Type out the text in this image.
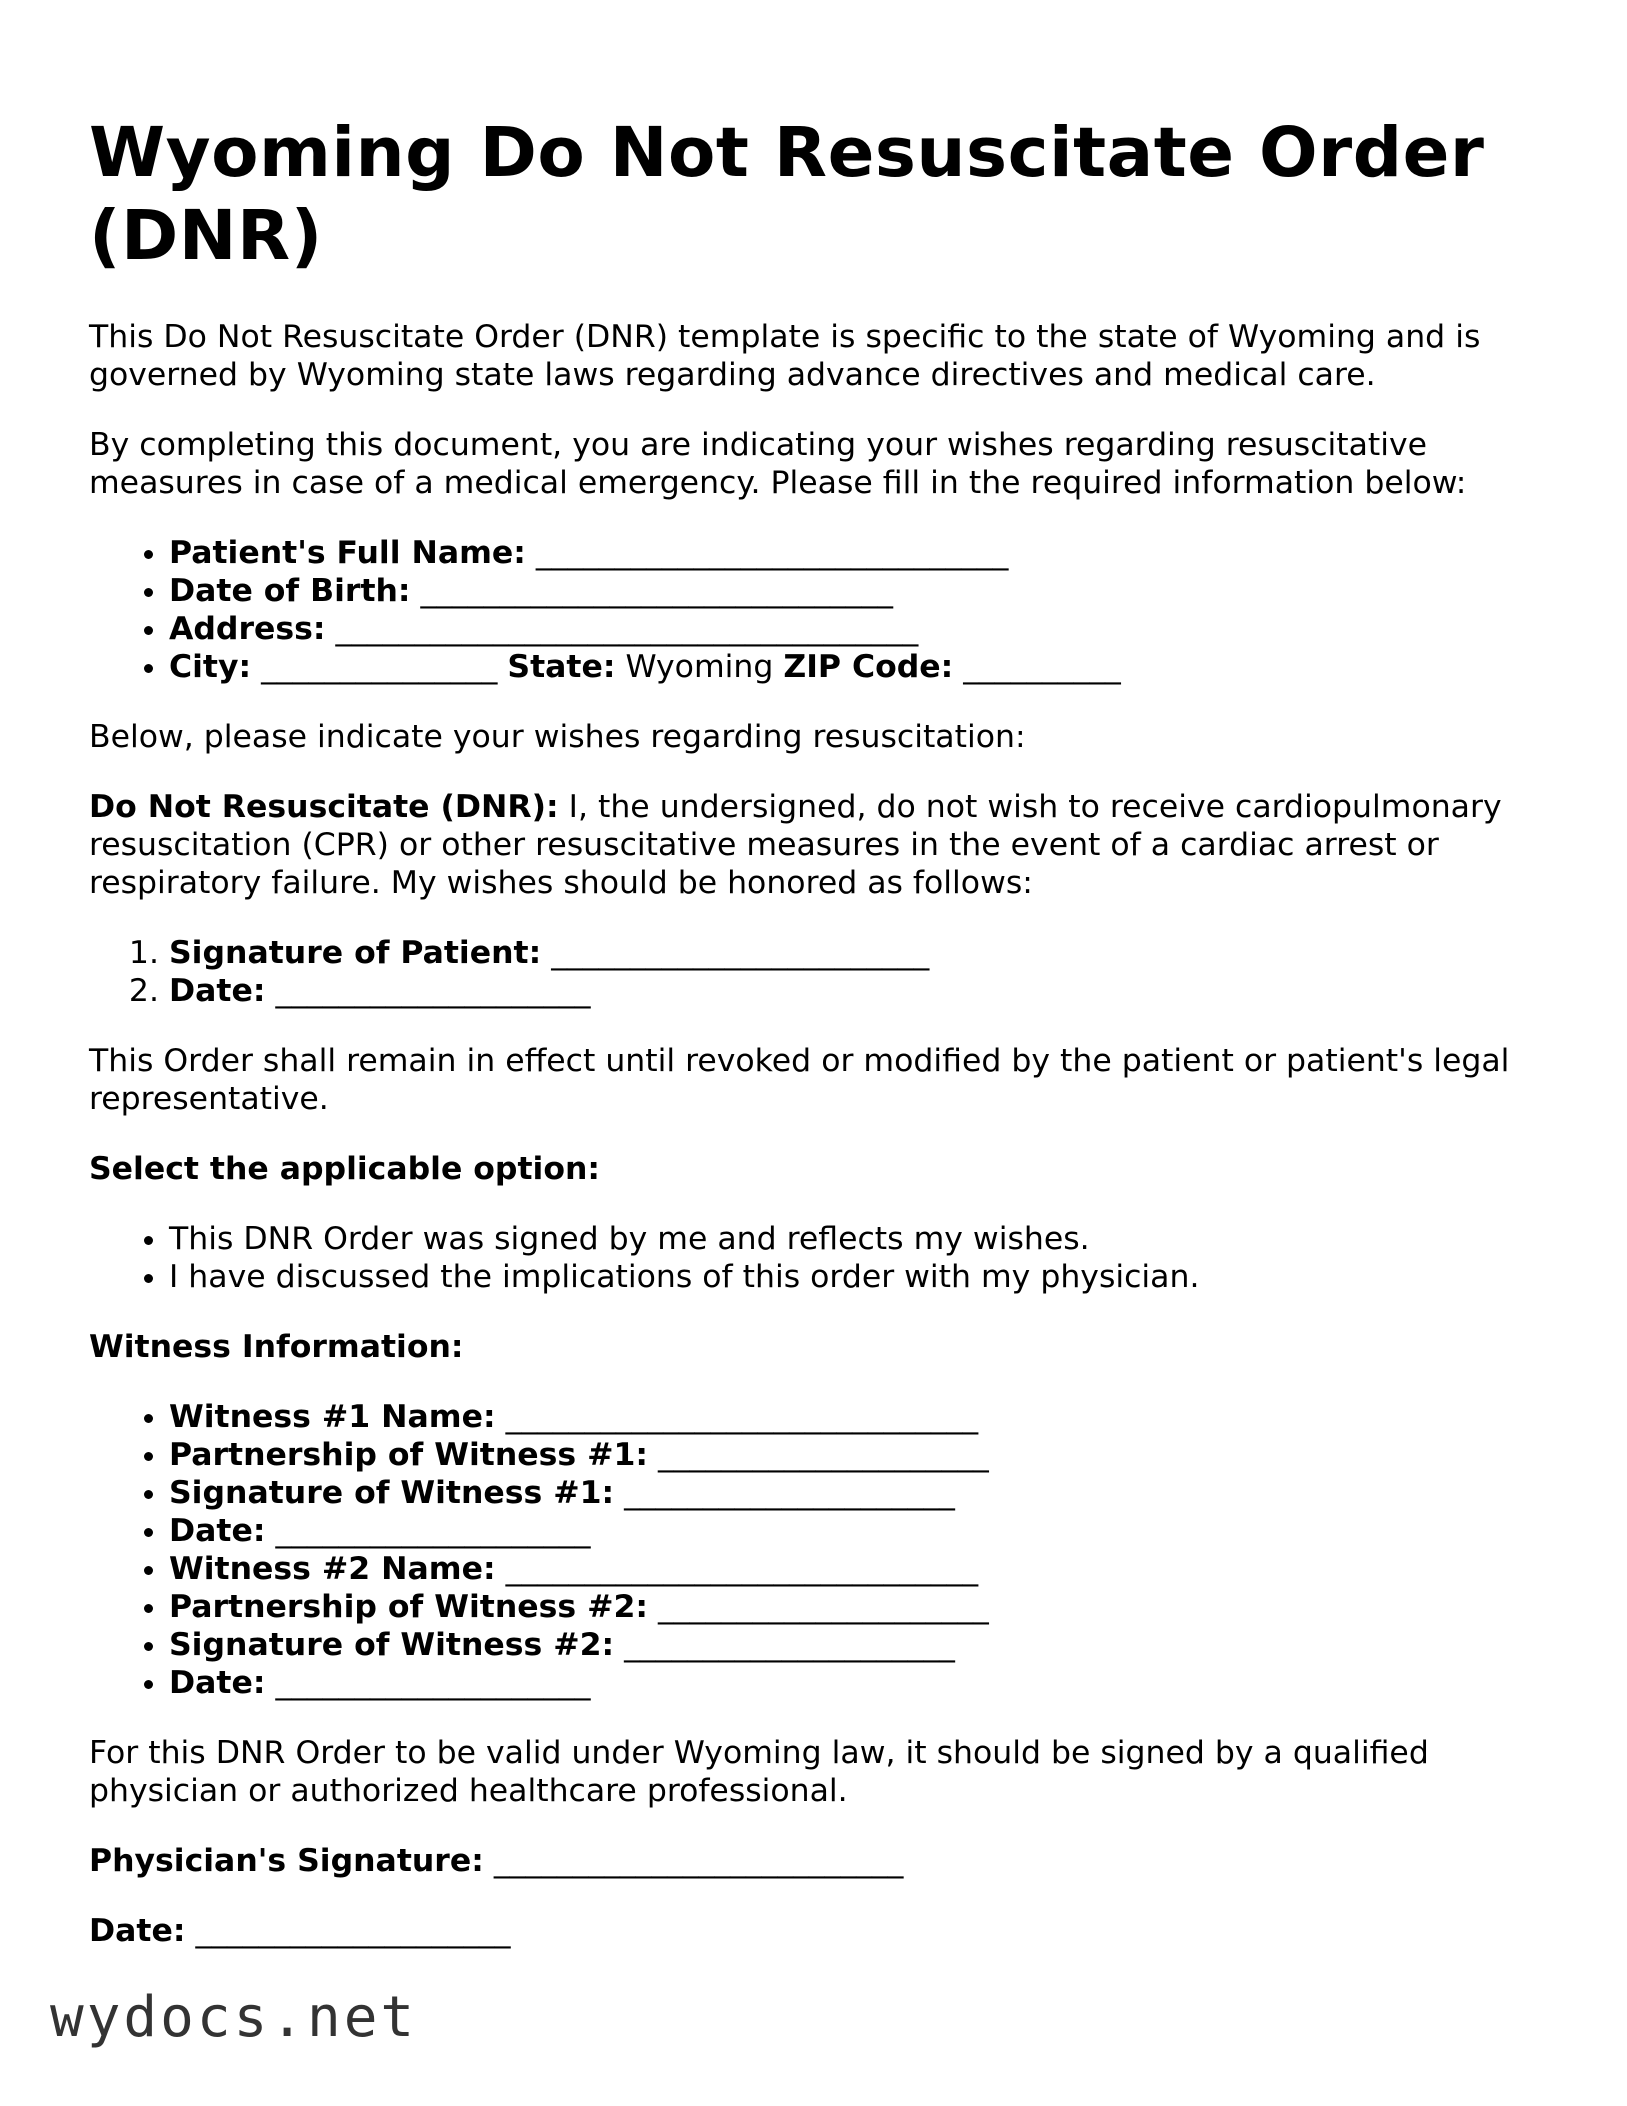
Wyoming Do Not Resuscitate Order (DNR)

This Do Not Resuscitate Order (DNR) template is specific to the state of Wyoming and is governed by Wyoming state laws regarding advance directives and medical care.

By completing this document, you are indicating your wishes regarding resuscitative measures in case of a medical emergency. Please fill in the required information below:

• Patient's Full Name: ______________________________
• Date of Birth: ______________________________
• Address: _____________________________________
• City: _______________ State: Wyoming ZIP Code: __________

Below, please indicate your wishes regarding resuscitation:

Do Not Resuscitate (DNR): I, the undersigned, do not wish to receive cardiopulmonary resuscitation (CPR) or other resuscitative measures in the event of a cardiac arrest or respiratory failure. My wishes should be honored as follows:

1. Signature of Patient: ________________________
2. Date: ____________________

This Order shall remain in effect until revoked or modified by the patient or patient's legal representative.

Select the applicable option:

• This DNR Order was signed by me and reflects my wishes.
• I have discussed the implications of this order with my physician.

Witness Information:

• Witness #1 Name: ______________________________
• Partnership of Witness #1: _____________________
• Signature of Witness #1: _____________________
• Date: ____________________
• Witness #2 Name: ______________________________
• Partnership of Witness #2: _____________________
• Signature of Witness #2: _____________________
• Date: ____________________

For this DNR Order to be valid under Wyoming law, it should be signed by a qualified physician or authorized healthcare professional.

Physician's Signature: __________________________

Date: ____________________

wydocs.net
